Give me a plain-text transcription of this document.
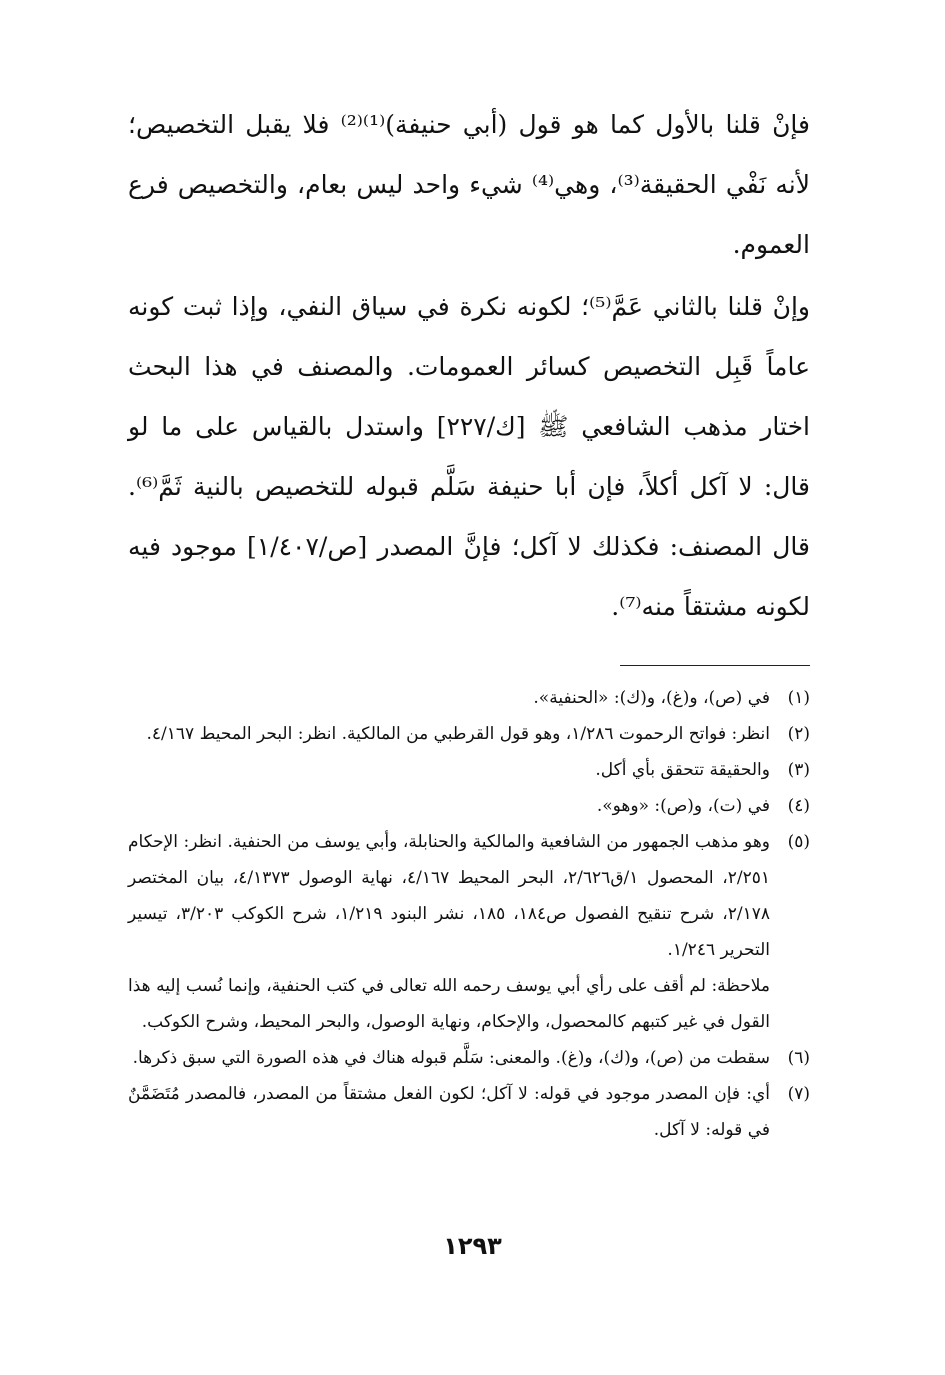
فإنْ قلنا بالأول كما هو قول (أبي حنيفة)⁽¹⁾⁽²⁾ فلا يقبل التخصيص؛ لأنه نَفْي الحقيقة⁽³⁾، وهي⁽⁴⁾ شيء واحد ليس بعام، والتخصيص فرع العموم.

وإنْ قلنا بالثاني عَمَّ⁽⁵⁾؛ لكونه نكرة في سياق النفي، وإذا ثبت كونه عاماً قَبِل التخصيص كسائر العمومات. والمصنف في هذا البحث اختار مذهب الشافعي ﷺ [ك/٢٢٧] واستدل بالقياس على ما لو قال: لا آكل أكلاً، فإن أبا حنيفة سَلَّم قبوله للتخصيص بالنية ثَمَّ⁽⁶⁾. قال المصنف: فكذلك لا آكل؛ فإنَّ المصدر [ص/١/٤٠٧] موجود فيه لكونه مشتقاً منه⁽⁷⁾.

(١)
في (ص)، و(غ)، و(ك): «الحنفية».
(٢)
انظر: فواتح الرحموت ١/٢٨٦، وهو قول القرطبي من المالكية. انظر: البحر المحيط ٤/١٦٧.
(٣)
والحقيقة تتحقق بأي أكل.
(٤)
في (ت)، و(ص): «وهو».
(٥)
وهو مذهب الجمهور من الشافعية والمالكية والحنابلة، وأبي يوسف من الحنفية. انظر: الإحكام ٢/٢٥١، المحصول ١/ق٢/٦٢٦، البحر المحيط ٤/١٦٧، نهاية الوصول ٤/١٣٧٣، بيان المختصر ٢/١٧٨، شرح تنقيح الفصول ص١٨٤، ١٨٥، نشر البنود ١/٢١٩، شرح الكوكب ٣/٢٠٣، تيسير التحرير ١/٢٤٦.
ملاحظة: لم أقف على رأي أبي يوسف رحمه الله تعالى في كتب الحنفية، وإنما نُسب إليه هذا القول في غير كتبهم كالمحصول، والإحكام، ونهاية الوصول، والبحر المحيط، وشرح الكوكب.
(٦)
سقطت من (ص)، و(ك)، و(غ). والمعنى: سَلَّم قبوله هناك في هذه الصورة التي سبق ذكرها.
(٧)
أي: فإن المصدر موجود في قوله: لا آكل؛ لكون الفعل مشتقاً من المصدر، فالمصدر مُتَضَمَّنٌ في قوله: لا آكل.
١٢٩٣
